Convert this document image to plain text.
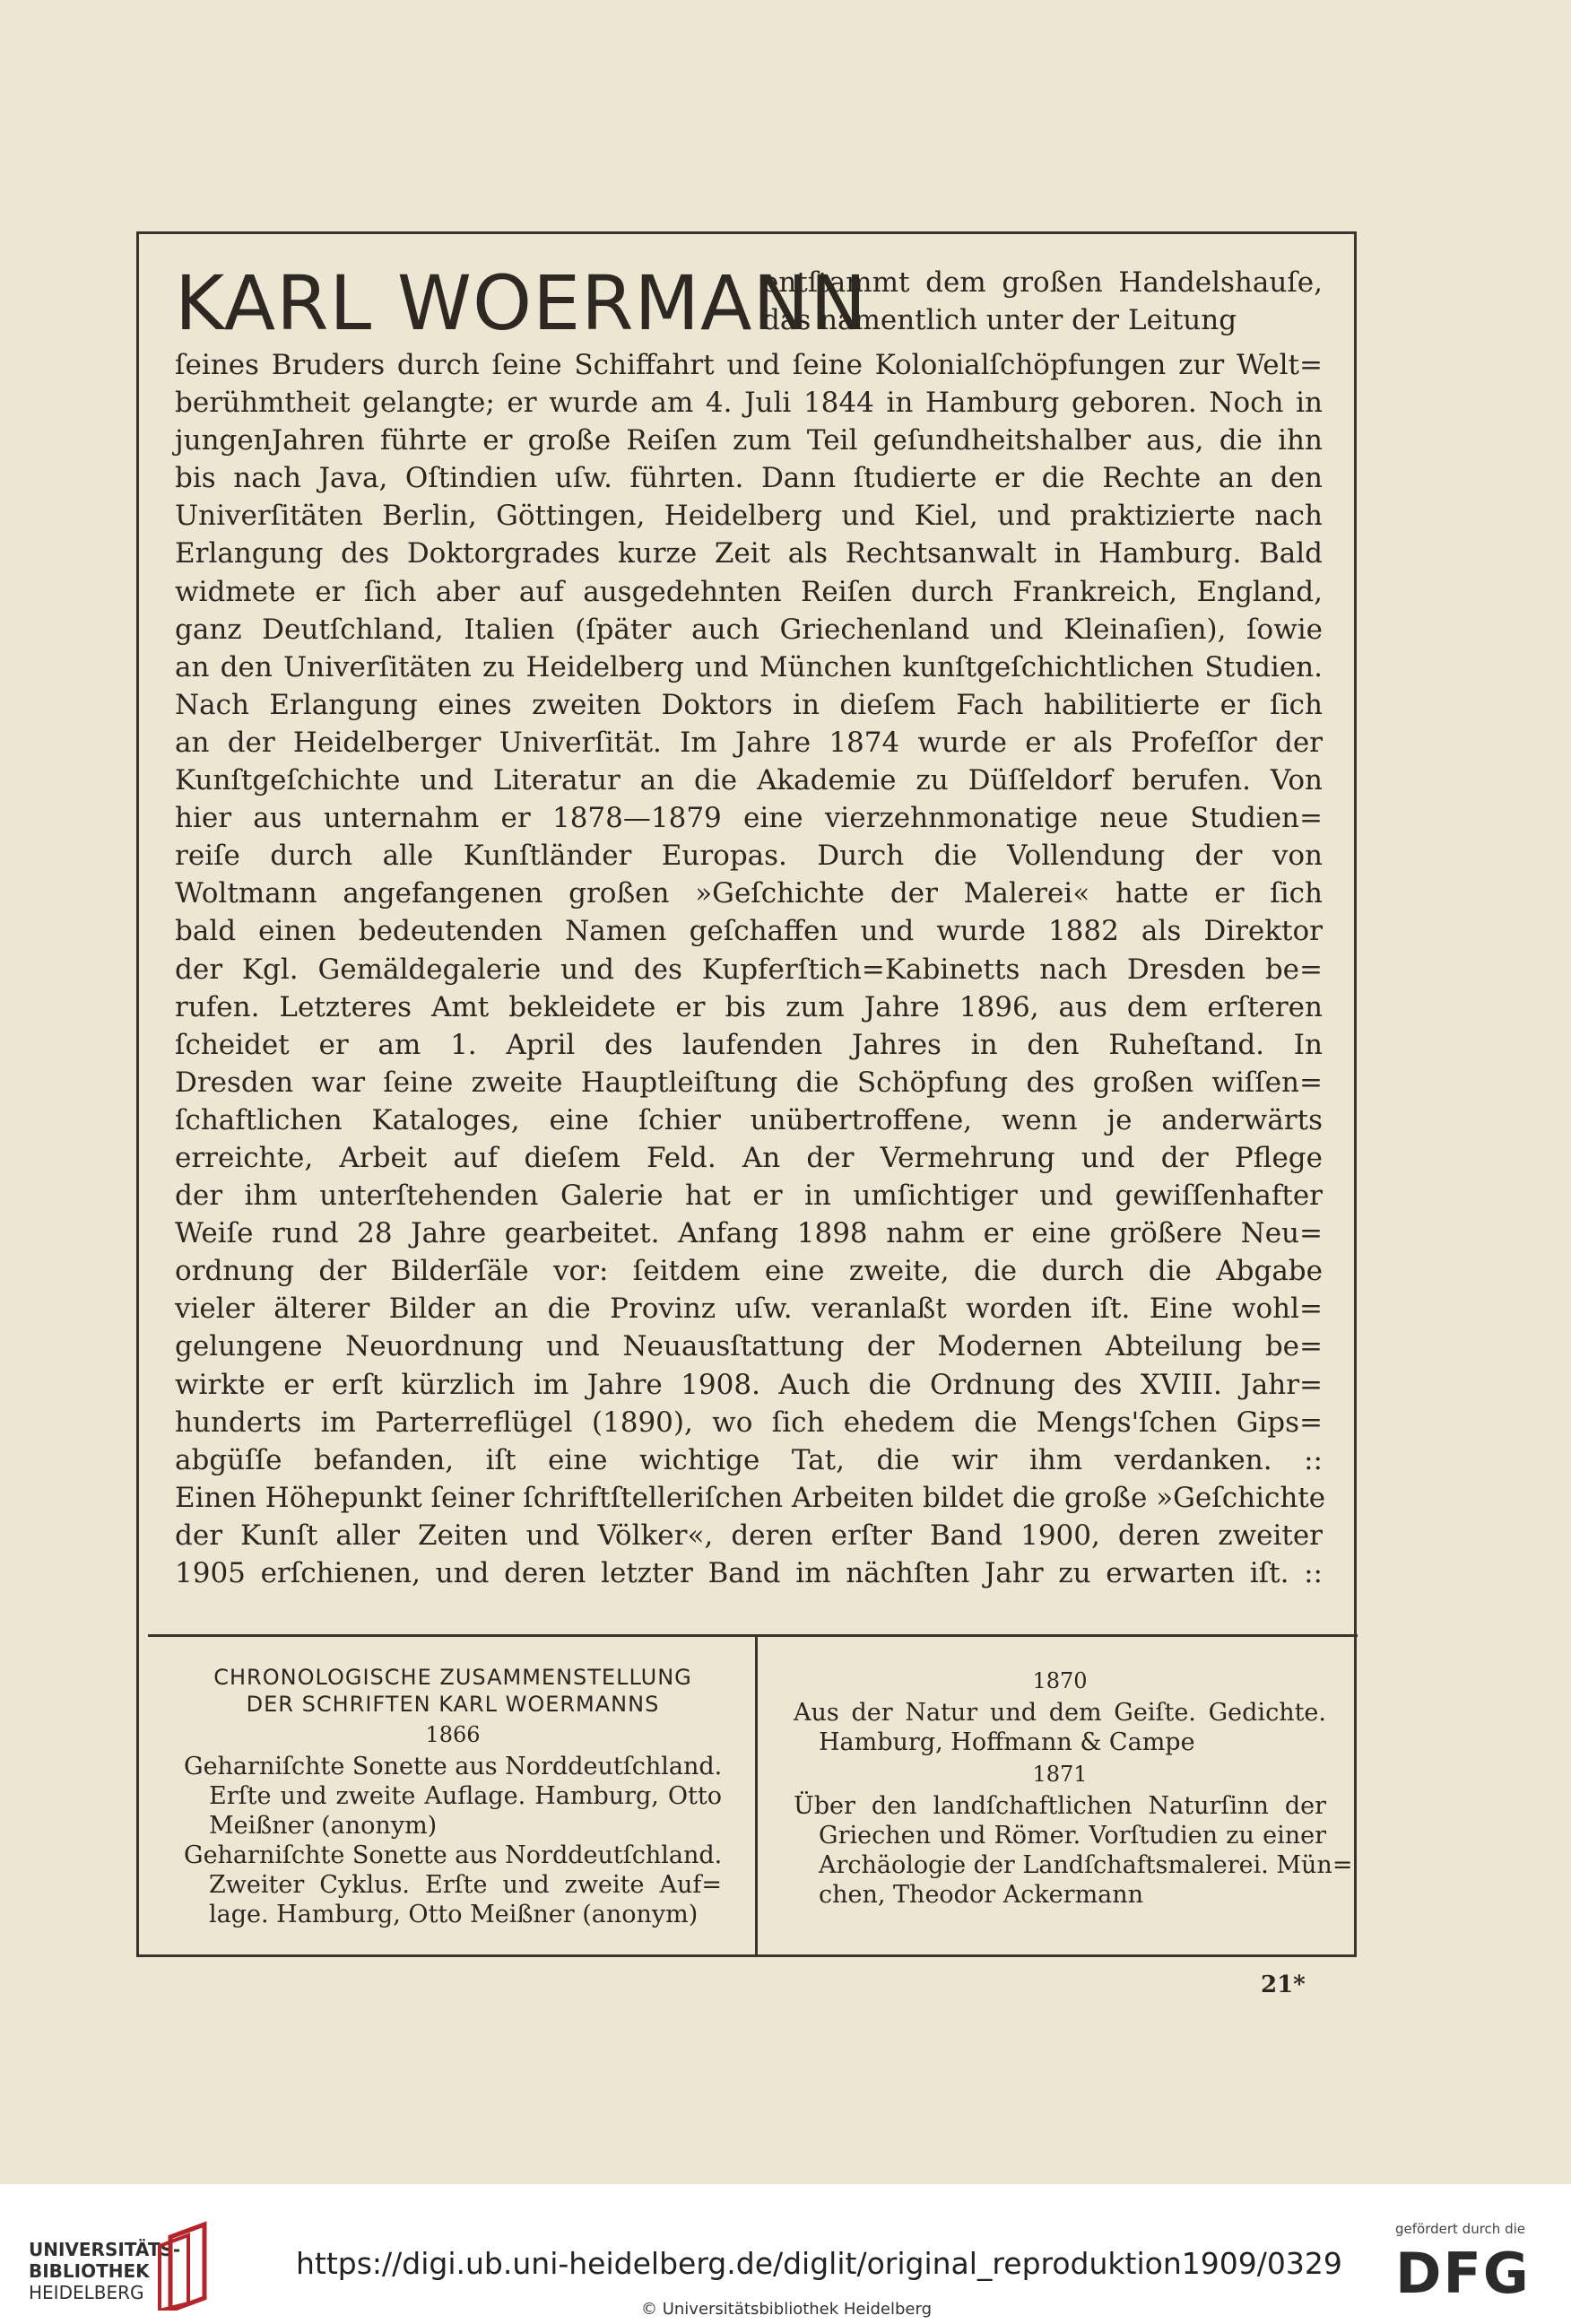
KARL WOERMANN
entſtammt dem großen Handelshauſe, das namentlich unter der Leitung
ſeines Bruders durch ſeine Schiffahrt und ſeine Kolonialſchöpfungen zur Welt=
berühmtheit gelangte; er wurde am 4. Juli 1844 in Hamburg geboren. Noch in
jungenJahren führte er große Reiſen zum Teil geſundheitshalber aus, die ihn
bis nach Java, Oſtindien uſw. führten. Dann ſtudierte er die Rechte an den
Univerſitäten Berlin, Göttingen, Heidelberg und Kiel, und praktizierte nach
Erlangung des Doktorgrades kurze Zeit als Rechtsanwalt in Hamburg. Bald
widmete er ſich aber auf ausgedehnten Reiſen durch Frankreich, England,
ganz Deutſchland, Italien (ſpäter auch Griechenland und Kleinaſien), ſowie
an den Univerſitäten zu Heidelberg und München kunſtgeſchichtlichen Studien.
Nach Erlangung eines zweiten Doktors in dieſem Fach habilitierte er ſich
an der Heidelberger Univerſität. Im Jahre 1874 wurde er als Profeſſor der
Kunſtgeſchichte und Literatur an die Akademie zu Düſſeldorf berufen. Von
hier aus unternahm er 1878—1879 eine vierzehnmonatige neue Studien=
reiſe durch alle Kunſtländer Europas. Durch die Vollendung der von
Woltmann angefangenen großen »Geſchichte der Malerei« hatte er ſich
bald einen bedeutenden Namen geſchaffen und wurde 1882 als Direktor
der Kgl. Gemäldegalerie und des Kupferſtich=Kabinetts nach Dresden be=
rufen. Letzteres Amt bekleidete er bis zum Jahre 1896, aus dem erſteren
ſcheidet er am 1. April des laufenden Jahres in den Ruheſtand. In
Dresden war ſeine zweite Hauptleiſtung die Schöpfung des großen wiſſen=
ſchaftlichen Kataloges, eine ſchier unübertroffene, wenn je anderwärts
erreichte, Arbeit auf dieſem Feld. An der Vermehrung und der Pflege
der ihm unterſtehenden Galerie hat er in umſichtiger und gewiſſenhafter
Weiſe rund 28 Jahre gearbeitet. Anfang 1898 nahm er eine größere Neu=
ordnung der Bilderſäle vor: ſeitdem eine zweite, die durch die Abgabe
vieler älterer Bilder an die Provinz uſw. veranlaßt worden iſt. Eine wohl=
gelungene Neuordnung und Neuausſtattung der Modernen Abteilung be=
wirkte er erſt kürzlich im Jahre 1908. Auch die Ordnung des XVIII. Jahr=
hunderts im Parterreflügel (1890), wo ſich ehedem die Mengs'ſchen Gips=
abgüſſe befanden, iſt eine wichtige Tat, die wir ihm verdanken. ::
Einen Höhepunkt ſeiner ſchriftſtelleriſchen Arbeiten bildet die große »Geſchichte
der Kunſt aller Zeiten und Völker«, deren erſter Band 1900, deren zweiter
1905 erſchienen, und deren letzter Band im nächſten Jahr zu erwarten iſt. ::
CHRONOLOGISCHE ZUSAMMENSTELLUNG
DER SCHRIFTEN KARL WOERMANNS
1866
Geharniſchte Sonette aus Norddeutſchland.
Erſte und zweite Auflage. Hamburg, Otto
Meißner (anonym)
Geharniſchte Sonette aus Norddeutſchland.
Zweiter Cyklus. Erſte und zweite Auf=
lage. Hamburg, Otto Meißner (anonym)
1870
Aus der Natur und dem Geiſte. Gedichte.
Hamburg, Hoffmann & Campe
1871
Über den landſchaftlichen Naturſinn der
Griechen und Römer. Vorſtudien zu einer
Archäologie der Landſchaftsmalerei. Mün=
chen, Theodor Ackermann
21*
UNIVERSITÄTS-
BIBLIOTHEK
HEIDELBERG
https://digi.ub.uni-heidelberg.de/diglit/original_reproduktion1909/0329
© Universitätsbibliothek Heidelberg
gefördert durch die
DFG
